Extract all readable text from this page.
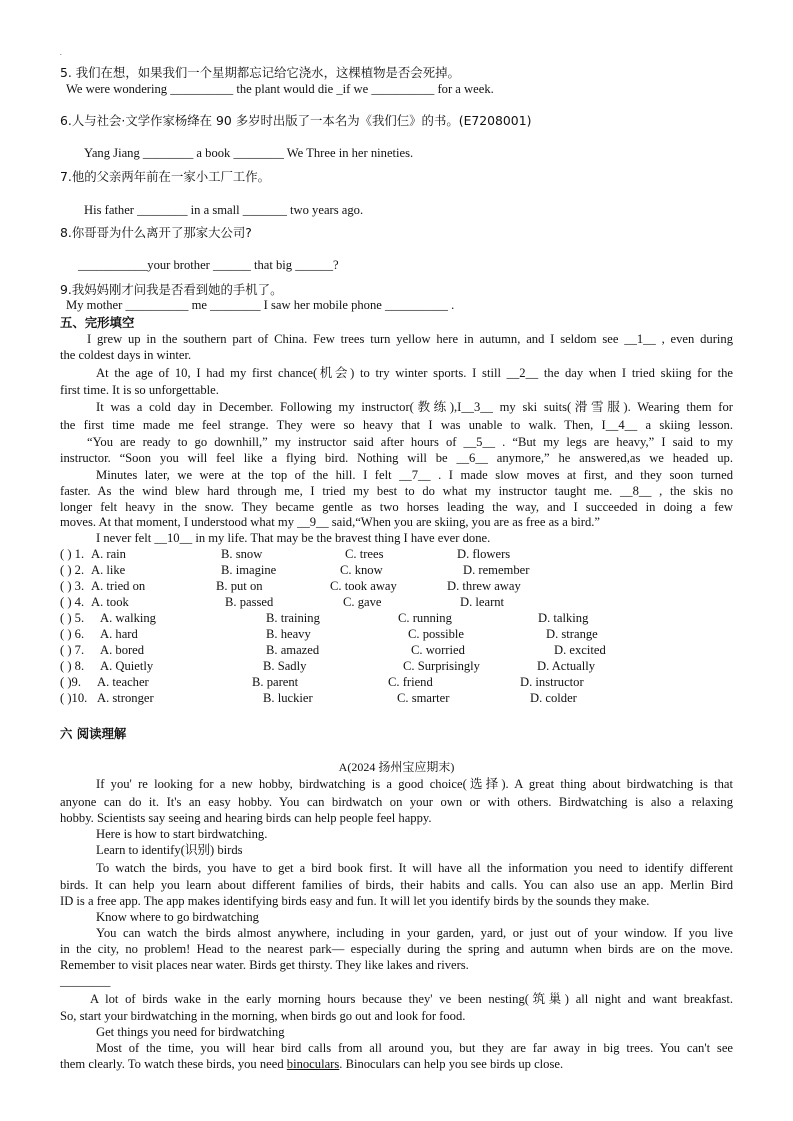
.
5. 我们在想，如果我们一个星期都忘记给它浇水，这棵植物是否会死掉。
We were wondering __________ the plant would die _if we __________ for a week.
6.人与社会·文学作家杨绛在 90 多岁时出版了一本名为《我们仨》的书。(E7208001)
Yang Jiang ________ a book ________ We Three in her nineties.
7.他的父亲两年前在一家小工厂工作。
His father ________ in a small _______ two years ago.
8.你哥哥为什么离开了那家大公司?
___________your brother ______ that big ______?
9.我妈妈刚才问我是否看到她的手机了。
My mother __________ me ________ I saw her mobile phone __________ .
五、完形填空
I grew up in the southern part of China. Few trees turn yellow here in autumn, and I seldom see __1__ , even during
the coldest days in winter.
At the age of 10, I had my first chance(机会) to try winter sports. I still __2__ the day when I tried skiing for the
first time. It is so unforgettable.
It was a cold day in December. Following my instructor(教练),I__3__ my ski suits(滑雪服). Wearing them for
the first time made me feel strange. They were so heavy that I was unable to walk. Then, I__4__ a skiing lesson.
“You are ready to go downhill,” my instructor said after hours of __5__ . “But my legs are heavy,” I said to my
instructor. “Soon you will feel like a flying bird. Nothing will be __6__ anymore,” he answered,as we headed up.
Minutes later, we were at the top of the hill. I felt __7__ . I made slow moves at first, and they soon turned
faster. As the wind blew hard through me, I tried my best to do what my instructor taught me. __8__ , the skis no
longer felt heavy in the snow. They became gentle as two horses leading the way, and I succeeded in doing a few
moves. At that moment, I understood what my __9__ said,“When you are skiing, you are as free as a bird.”
I never felt __10__ in my life. That may be the bravest thing I have ever done.
( ) 1. A. rain	B. snow	C. trees	D. flowers
( ) 2. A. like	B. imagine	C. know	D. remember
( ) 3. A. tried on	B. put on	C. took away	D. threw away
( ) 4. A. took	B. passed	C. gave	D. learnt
( ) 5. A. walking	B. training	C. running	D. talking
( ) 6. A. hard	B. heavy	C. possible	D. strange
( ) 7. A. bored	B. amazed	C. worried	D. excited
( ) 8. A. Quietly	B. Sadly	C. Surprisingly	D. Actually
( )9. A. teacher	B. parent	C. friend	D. instructor
( )10. A. stronger	B. luckier	C. smarter	D. colder
六 阅读理解
A(2024 扬州宝应期末)
If you' re looking for a new hobby, birdwatching is a good choice(选择). A great thing about birdwatching is that
anyone can do it. It's an easy hobby. You can birdwatch on your own or with others. Birdwatching is also a relaxing
hobby. Scientists say seeing and hearing birds can help people feel happy.
Here is how to start birdwatching.
Learn to identify(识别) birds
To watch the birds, you have to get a bird book first. It will have all the information you need to identify different
birds. It can help you learn about different families of birds, their habits and calls. You can also use an app. Merlin Bird
ID is a free app. The app makes identifying birds easy and fun. It will let you identify birds by the sounds they make.
Know where to go birdwatching
You can watch the birds almost anywhere, including in your garden, yard, or just out of your window. If you live
in the city, no problem! Head to the nearest park— especially during the spring and autumn when birds are on the move.
Remember to visit places near water. Birds get thirsty. They like lakes and rivers.
________
A lot of birds wake in the early morning hours because they' ve been nesting(筑巢) all night and want breakfast.
So, start your birdwatching in the morning, when birds go out and look for food.
Get things you need for birdwatching
Most of the time, you will hear bird calls from all around you, but they are far away in big trees. You can't see
them clearly. To watch these birds, you need binoculars. Binoculars can help you see birds up close.
